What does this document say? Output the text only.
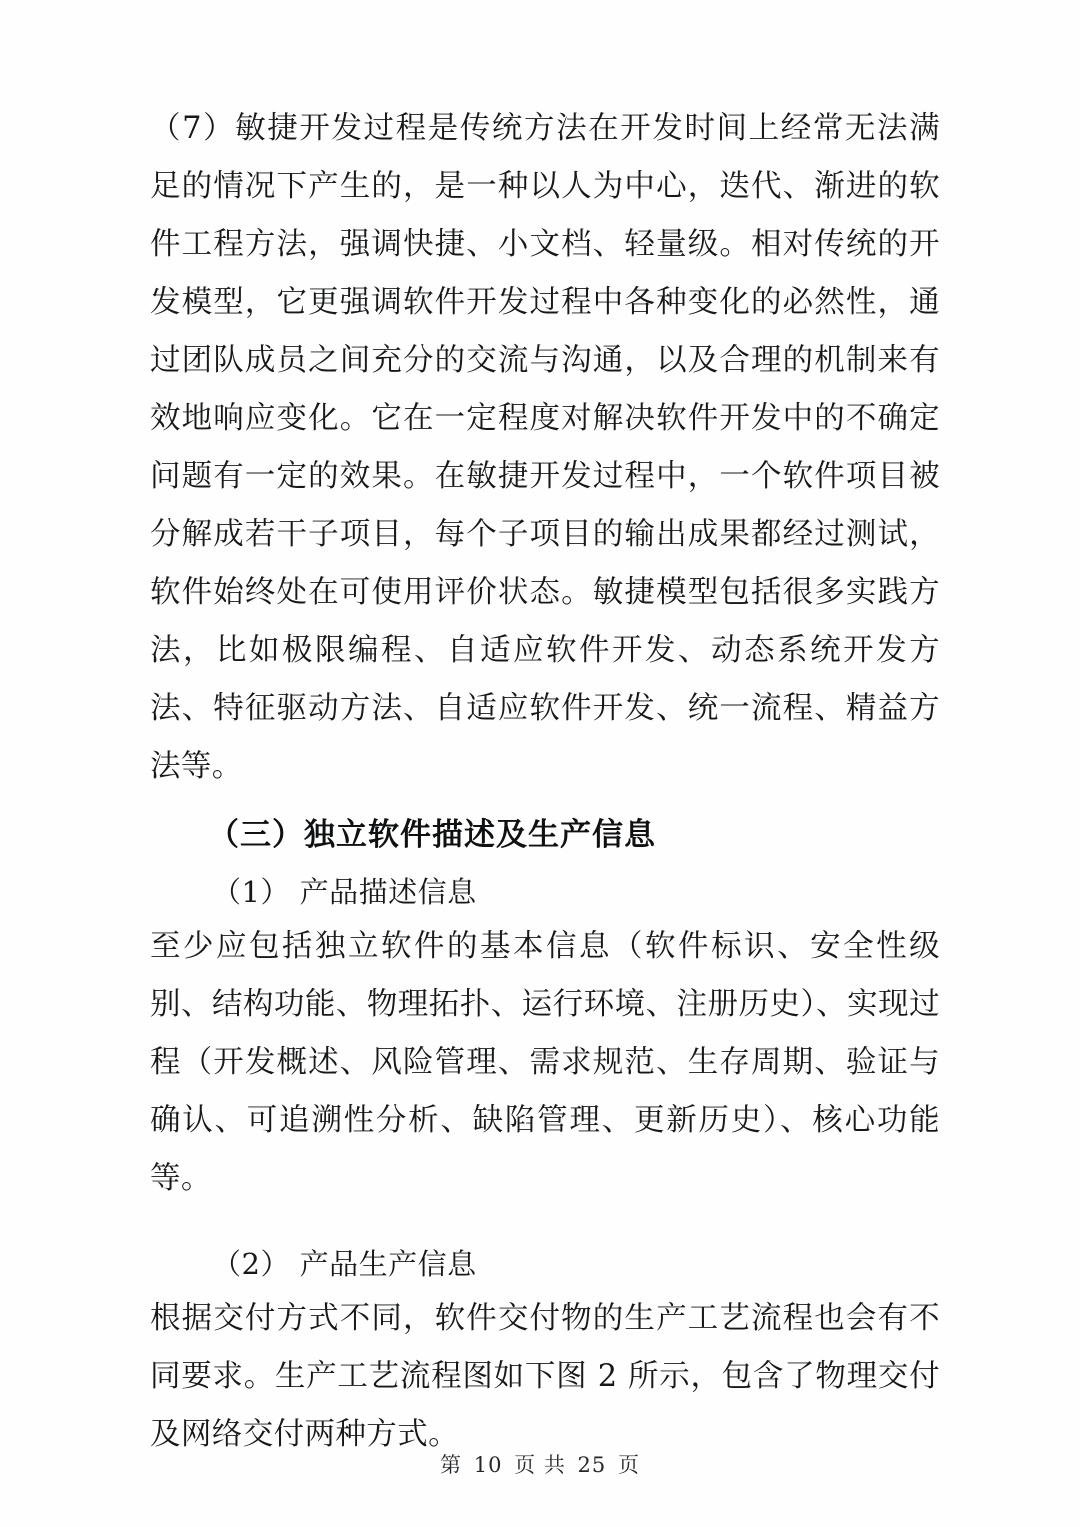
（7）敏捷开发过程是传统方法在开发时间上经常无法满足的情况下产生的，是一种以人为中心，迭代、渐进的软件工程方法，强调快捷、小文档、轻量级。相对传统的开发模型，它更强调软件开发过程中各种变化的必然性，通过团队成员之间充分的交流与沟通，以及合理的机制来有效地响应变化。它在一定程度对解决软件开发中的不确定问题有一定的效果。在敏捷开发过程中，一个软件项目被分解成若干子项目，每个子项目的输出成果都经过测试，软件始终处在可使用评价状态。敏捷模型包括很多实践方法，比如极限编程、自适应软件开发、动态系统开发方法、特征驱动方法、自适应软件开发、统一流程、精益方法等。

（三）独立软件描述及生产信息

（1） 产品描述信息

至少应包括独立软件的基本信息（软件标识、安全性级别、结构功能、物理拓扑、运行环境、注册历史）、实现过程（开发概述、风险管理、需求规范、生存周期、验证与确认、可追溯性分析、缺陷管理、更新历史）、核心功能等。

（2） 产品生产信息

根据交付方式不同，软件交付物的生产工艺流程也会有不同要求。生产工艺流程图如下图 2 所示，包含了物理交付及网络交付两种方式。

第 10 页 共 25 页
